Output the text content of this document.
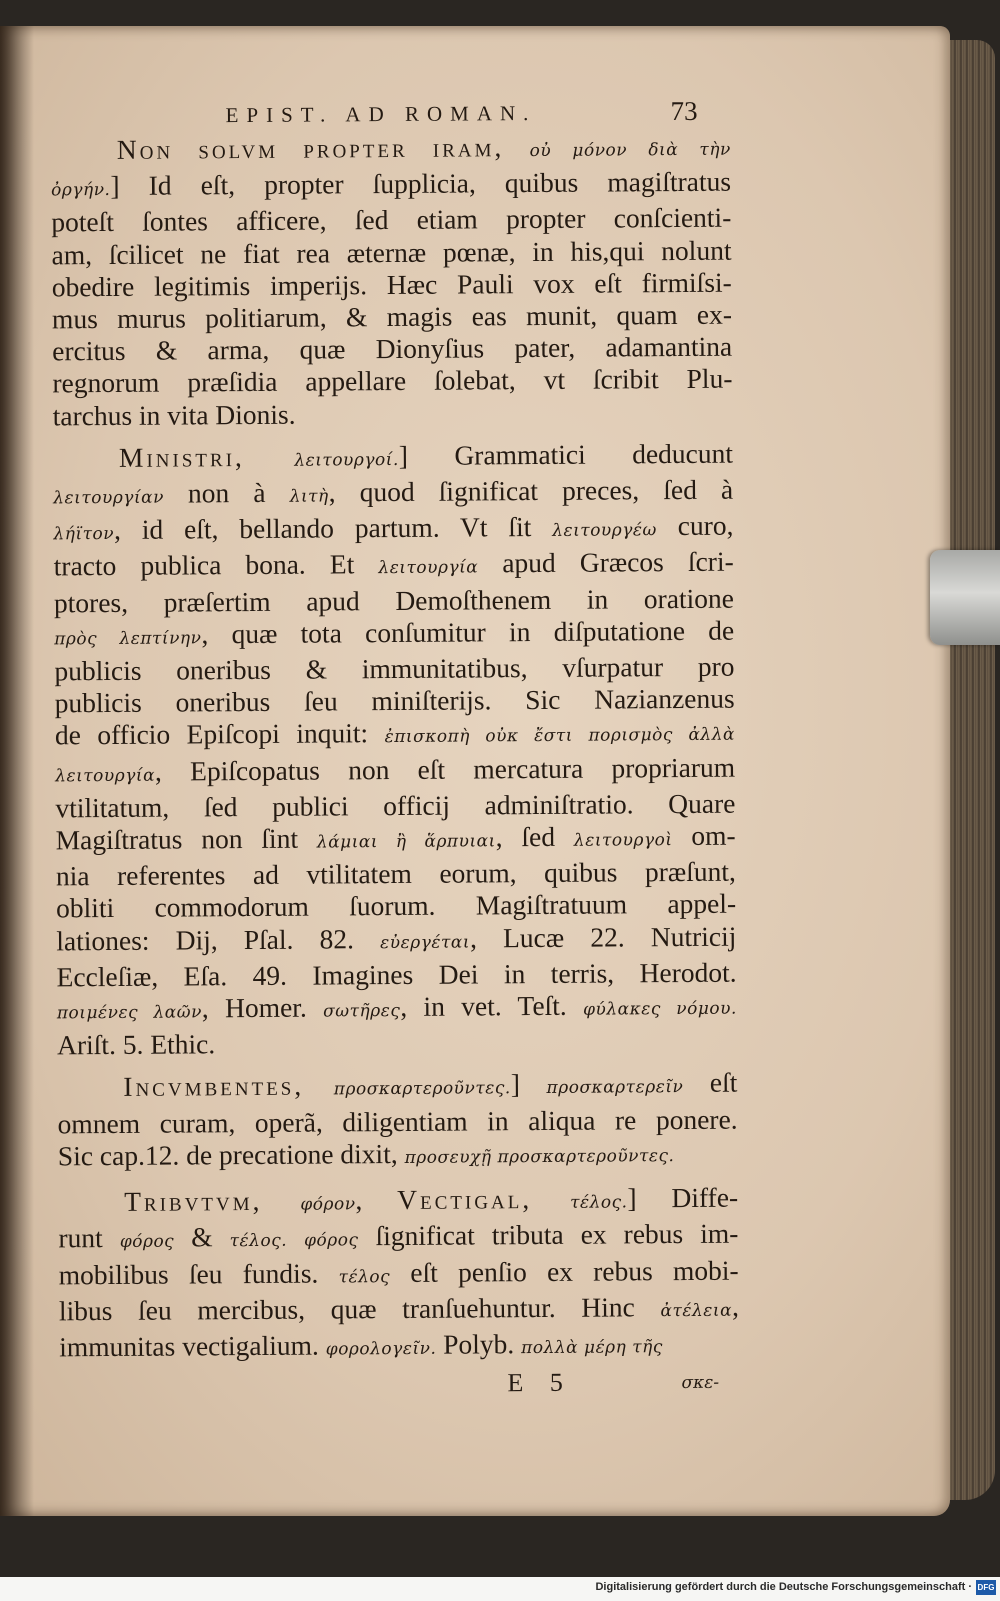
EPIST. AD ROMAN.	73

Non solvm propter iram, οὐ μόνον διὰ τὴν

ὀργήν.] Id eſt, propter ſupplicia, quibus magiſtratus

poteſt ſontes afficere, ſed etiam propter conſcienti-

am, ſcilicet ne fiat rea æternæ pœnæ, in his,qui nolunt

obedire legitimis imperijs. Hæc Pauli vox eſt firmiſsi-

mus murus politiarum, & magis eas munit, quam ex-

ercitus & arma, quæ Dionyſius pater, adamantina

regnorum præſidia appellare ſolebat, vt ſcribit Plu-

tarchus in vita Dionis.

Ministri, λειτουργοί.] Grammatici deducunt

λειτουργίαν non à λιτὴ, quod ſignificat preces, ſed à

λήϊτον, id eſt, bellando partum. Vt ſit λειτουργέω curo,

tracto publica bona. Et λειτουργία apud Græcos ſcri-

ptores, præſertim apud Demoſthenem in oratione

πρὸς λεπτίνην, quæ tota conſumitur in diſputatione de

publicis oneribus & immunitatibus, vſurpatur pro

publicis oneribus ſeu miniſterijs. Sic Nazianzenus

de officio Epiſcopi inquit: ἐπισκοπὴ οὐκ ἔστι πορισμὸς ἀλλὰ

λειτουργία, Epiſcopatus non eſt mercatura propriarum

vtilitatum, ſed publici officij adminiſtratio. Quare

Magiſtratus non ſint λάμιαι ἢ ἅρπυιαι, ſed λειτουργοὶ om-

nia referentes ad vtilitatem eorum, quibus præſunt,

obliti commodorum ſuorum. Magiſtratuum appel-

lationes: Dij, Pſal. 82. εὐεργέται, Lucæ 22. Nutricij

Eccleſiæ, Eſa. 49. Imagines Dei in terris, Herodot.

ποιμένες λαῶν, Homer. σωτῆρες, in vet. Teſt. φύλακες νόμου.

Ariſt. 5. Ethic.

Incvmbentes, προσκαρτεροῦντες.] προσκαρτερεῖν eſt

omnem curam, operã, diligentiam in aliqua re ponere.

Sic cap.12. de precatione dixit, προσευχῇ προσκαρτεροῦντες.

Tribvtvm, φόρον, Vectigal, τέλος.] Diffe-

runt φόρος & τέλος. φόρος ſignificat tributa ex rebus im-

mobilibus ſeu fundis. τέλος eſt penſio ex rebus mobi-

libus ſeu mercibus, quæ tranſuehuntur. Hinc ἀτέλεια,

immunitas vectigalium. φορολογεῖν. Polyb. πολλὰ μέρη τῆς

E 5	σκε-
Digitalisierung gefördert durch die Deutsche Forschungsgemeinschaft · DFG
